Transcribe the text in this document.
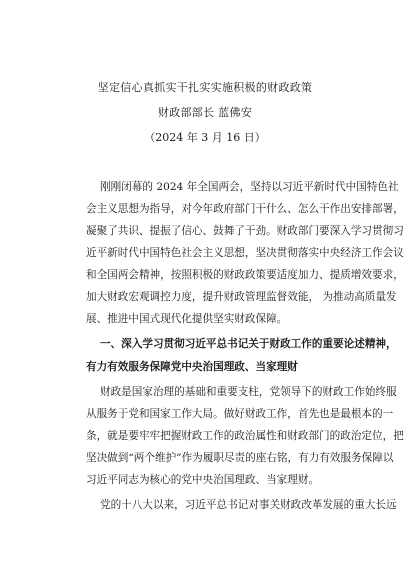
坚定信心真抓实干扎实实施积极的财政政策
财政部部长 蓝佛安
（2024 年 3 月 16 日）
刚刚闭幕的 2024 年全国两会，坚持以习近平新时代中国特色社
会主义思想为指导，对今年政府部门干什么、怎么干作出安排部署，
凝聚了共识、提振了信心、鼓舞了干劲。财政部门要深入学习贯彻习
近平新时代中国特色社会主义思想，坚决贯彻落实中央经济工作会议
和全国两会精神，按照积极的财政政策要适度加力、提质增效要求，
加大财政宏观调控力度，提升财政管理监督效能， 为推动高质量发
展、推进中国式现代化提供坚实财政保障。
一、深入学习贯彻习近平总书记关于财政工作的重要论述精神，
有力有效服务保障党中央治国理政、当家理财
财政是国家治理的基础和重要支柱，党领导下的财政工作始终服
从服务于党和国家工作大局。做好财政工作，首先也是最根本的一
条，就是要牢牢把握财政工作的政治属性和财政部门的政治定位，把
坚决做到“两个维护”作为履职尽责的座右铭，有力有效服务保障以
习近平同志为核心的党中央治国理政、当家理财。
党的十八大以来，习近平总书记对事关财政改革发展的重大长远
